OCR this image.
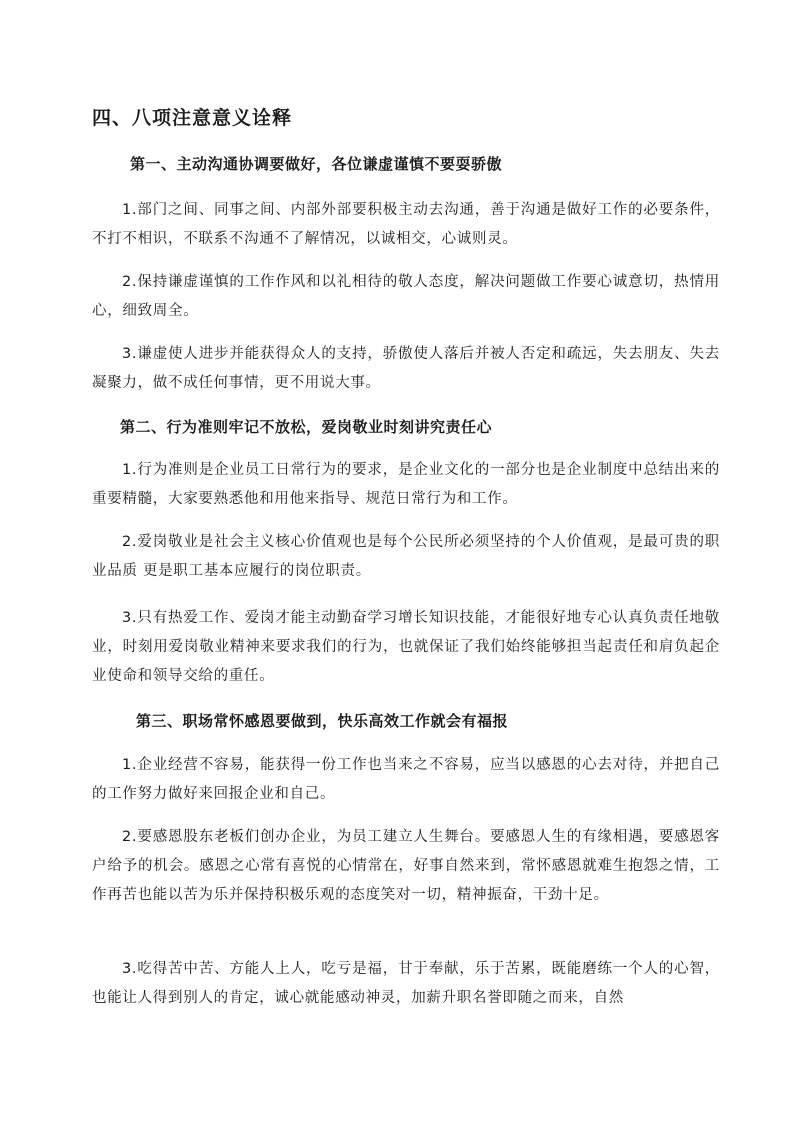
四、八项注意意义诠释
第一、主动沟通协调要做好，各位谦虚谨慎不要耍骄傲
1.部门之间、同事之间、内部外部要积极主动去沟通，善于沟通是做好工作的必要条件，不打不相识，不联系不沟通不了解情况，以诚相交，心诚则灵。
2.保持谦虚谨慎的工作作风和以礼相待的敬人态度，解决问题做工作要心诚意切，热情用心，细致周全。
3.谦虚使人进步并能获得众人的支持，骄傲使人落后并被人否定和疏远，失去朋友、失去凝聚力，做不成任何事情，更不用说大事。
第二、行为准则牢记不放松，爱岗敬业时刻讲究责任心
1.行为准则是企业员工日常行为的要求，是企业文化的一部分也是企业制度中总结出来的重要精髓，大家要熟悉他和用他来指导、规范日常行为和工作。
2.爱岗敬业是社会主义核心价值观也是每个公民所必须坚持的个人价值观，是最可贵的职业品质 更是职工基本应履行的岗位职责。
3.只有热爱工作、爱岗才能主动勤奋学习增长知识技能，才能很好地专心认真负责任地敬业，时刻用爱岗敬业精神来要求我们的行为，也就保证了我们始终能够担当起责任和肩负起企业使命和领导交给的重任。
第三、职场常怀感恩要做到，快乐高效工作就会有福报
1.企业经营不容易，能获得一份工作也当来之不容易，应当以感恩的心去对待，并把自己的工作努力做好来回报企业和自己。
2.要感恩股东老板们创办企业，为员工建立人生舞台。要感恩人生的有缘相遇，要感恩客户给予的机会。感恩之心常有喜悦的心情常在，好事自然来到，常怀感恩就难生抱怨之情，工作再苦也能以苦为乐并保持积极乐观的态度笑对一切，精神振奋，干劲十足。
3.吃得苦中苦、方能人上人，吃亏是福，甘于奉献，乐于苦累，既能磨练一个人的心智，也能让人得到别人的肯定，诚心就能感动神灵，加薪升职名誉即随之而来，自然
